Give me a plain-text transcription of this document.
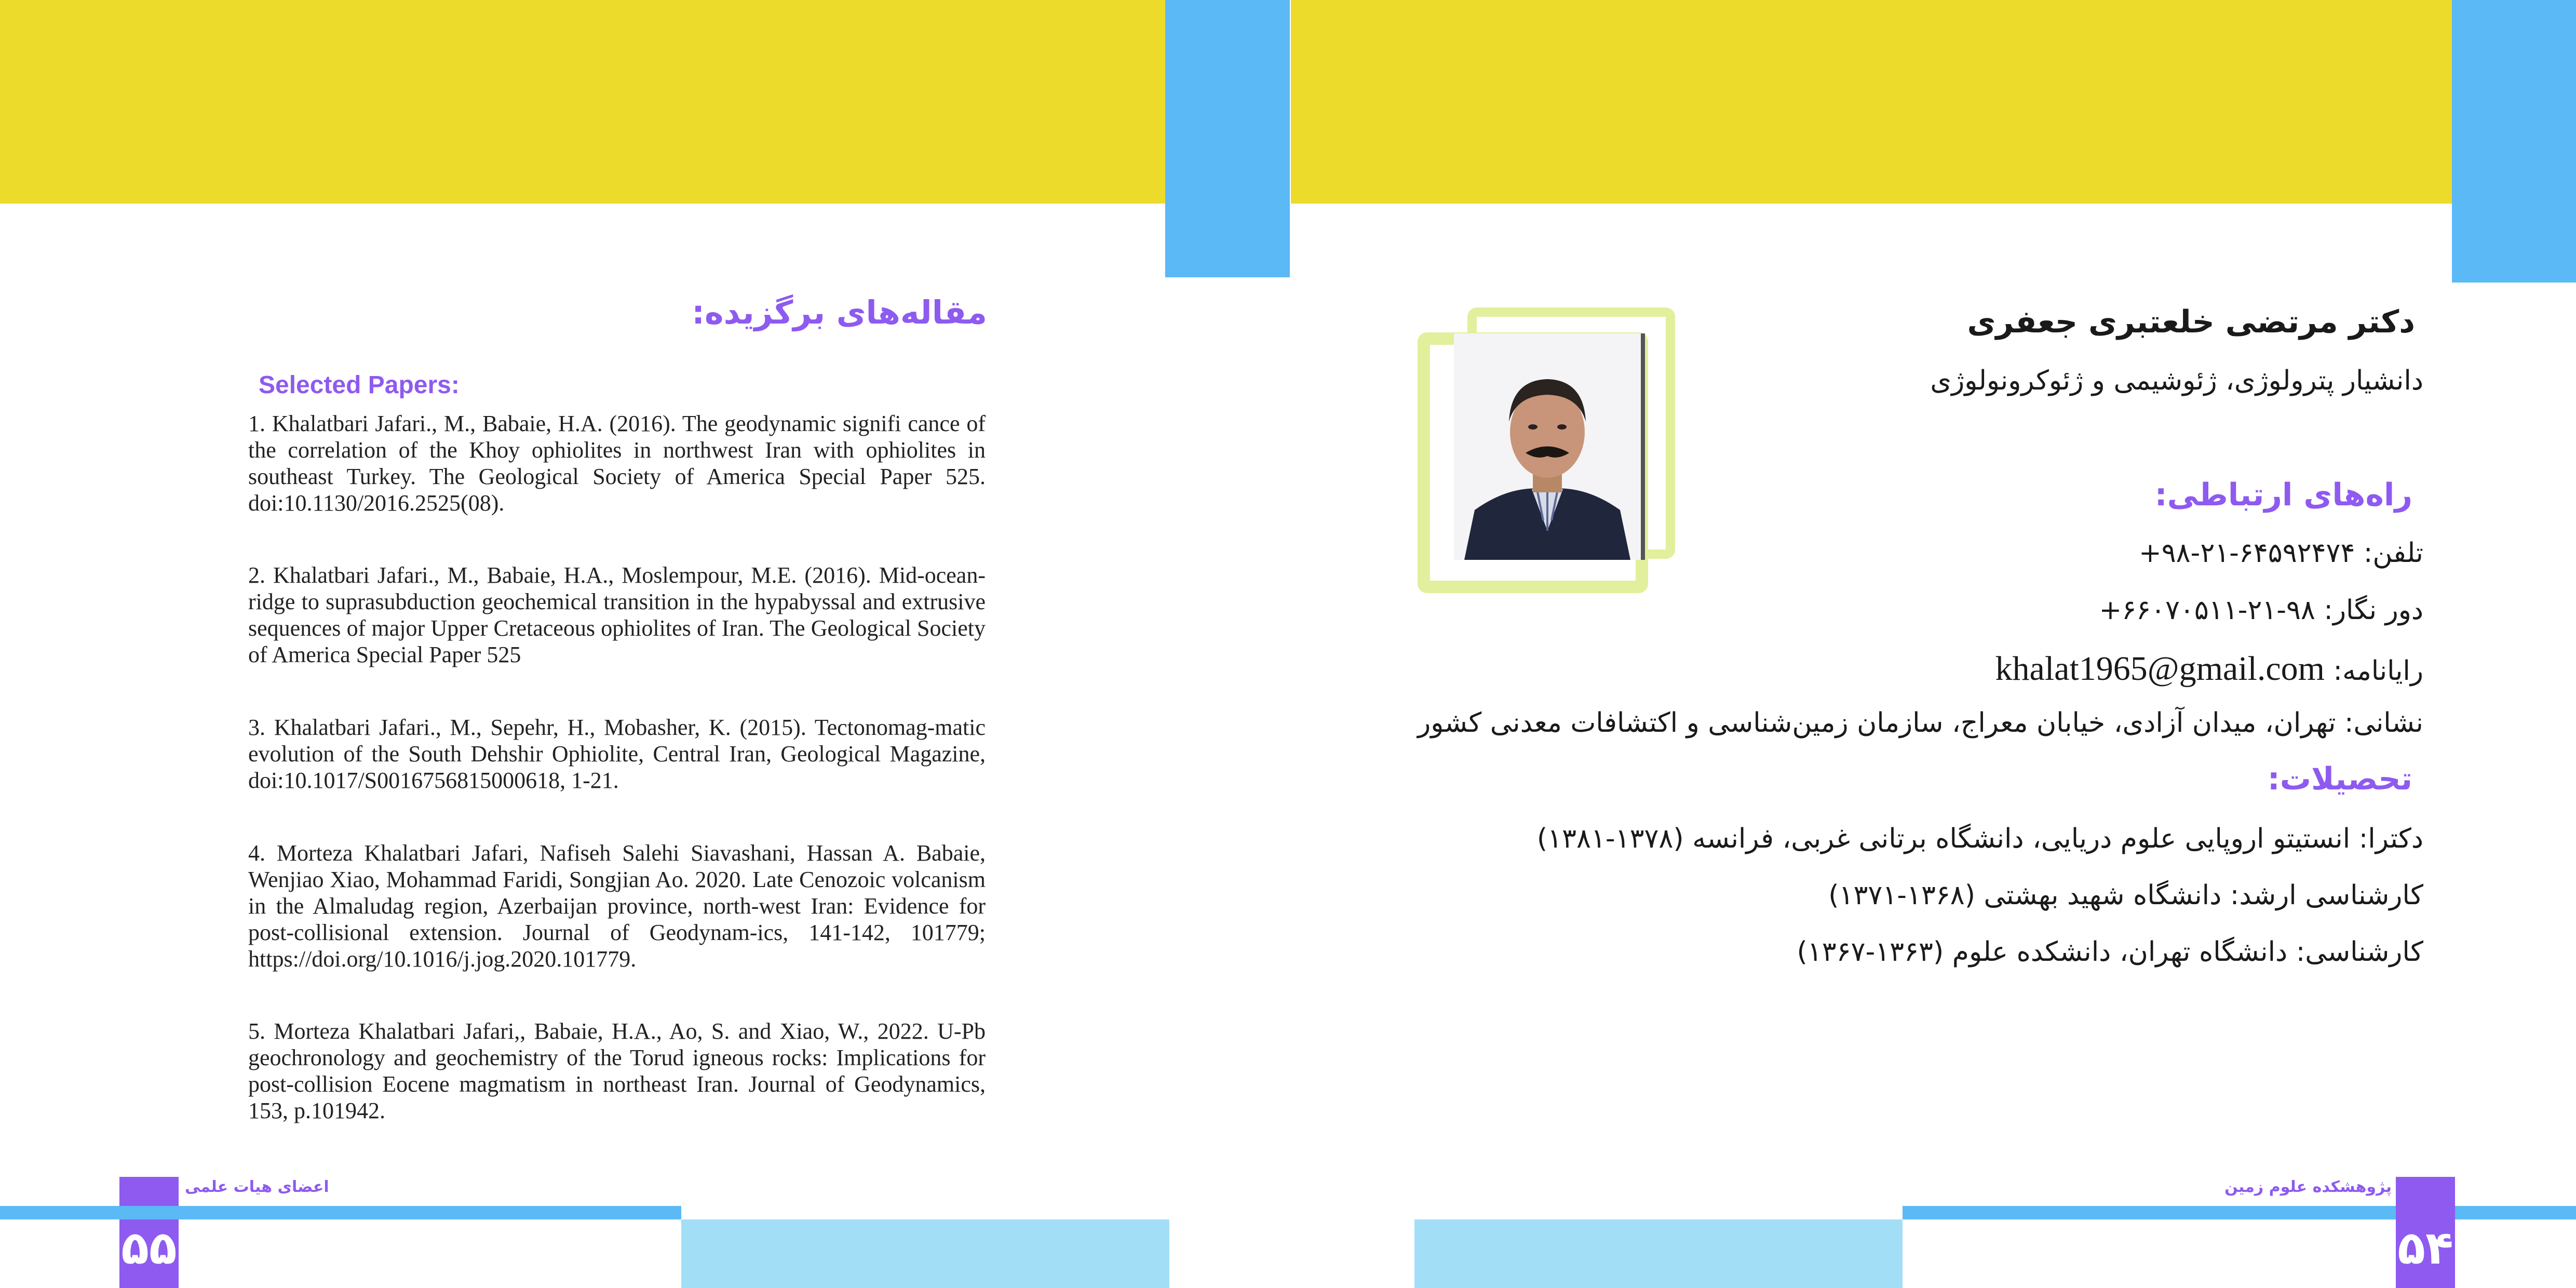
مقاله‌های برگزیده:
Selected Papers:
1. Khalatbari Jafari., M., Babaie, H.A. (2016). The geodynamic signifi cance of the correlation of the Khoy ophiolites in northwest Iran with ophiolites in southeast Turkey. The Geological Society of America Special Paper 525. doi:10.1130/2016.2525(08).
2. Khalatbari Jafari., M., Babaie, H.A., Moslempour, M.E. (2016). Mid-ocean-ridge to suprasubduction geochemical transition in the hypabyssal and extrusive sequences of major Upper Cretaceous ophiolites of Iran. The Geological Society of America Special Paper 525
3. Khalatbari Jafari., M., Sepehr, H., Mobasher, K. (2015). Tectonomag-matic evolution of the South Dehshir Ophiolite, Central Iran, Geological Magazine, doi:10.1017/S0016756815000618, 1-21.
4. Morteza Khalatbari Jafari, Nafiseh Salehi Siavashani, Hassan A. Babaie, Wenjiao Xiao, Mohammad Faridi, Songjian Ao. 2020. Late Cenozoic volcanism in the Almaludag region, Azerbaijan province, north-west Iran: Evidence for post-collisional extension. Journal of Geodynam-ics, 141-142, 101779; https://doi.org/10.1016/j.jog.2020.101779.
5. Morteza Khalatbari Jafari,, Babaie, H.A., Ao, S. and Xiao, W., 2022. U-Pb geochronology and geochemistry of the Torud igneous rocks: Implications for post-collision Eocene magmatism in northeast Iran. Journal of Geodynamics, 153, p.101942.
اعضای هیات علمی
۵۵
دکتر مرتضی خلعتبری جعفری
دانشیار پترولوژی، ژئوشیمی و ژئوکرونولوژی
راه‌های ارتباطی:
تلفن: ۶۴۵۹۲۴۷۴-۲۱-۹۸+
دور نگار: ۹۸-۲۱-۶۶۰۷۰۵۱۱+
رایانامه: khalat1965@gmail.com
نشانی: تهران، میدان آزادی، خیابان معراج، سازمان زمین‌شناسی و اکتشافات معدنی کشور
تحصیلات:
دکترا: انستیتو اروپایی علوم دریایی، دانشگاه برتانی غربی، فرانسه (۱۳۷۸-۱۳۸۱)
کارشناسی ارشد: دانشگاه شهید بهشتی (۱۳۶۸-۱۳۷۱)
کارشناسی: دانشگاه تهران، دانشکده علوم (۱۳۶۳-۱۳۶۷)
پژوهشکده علوم زمین
۵۴
